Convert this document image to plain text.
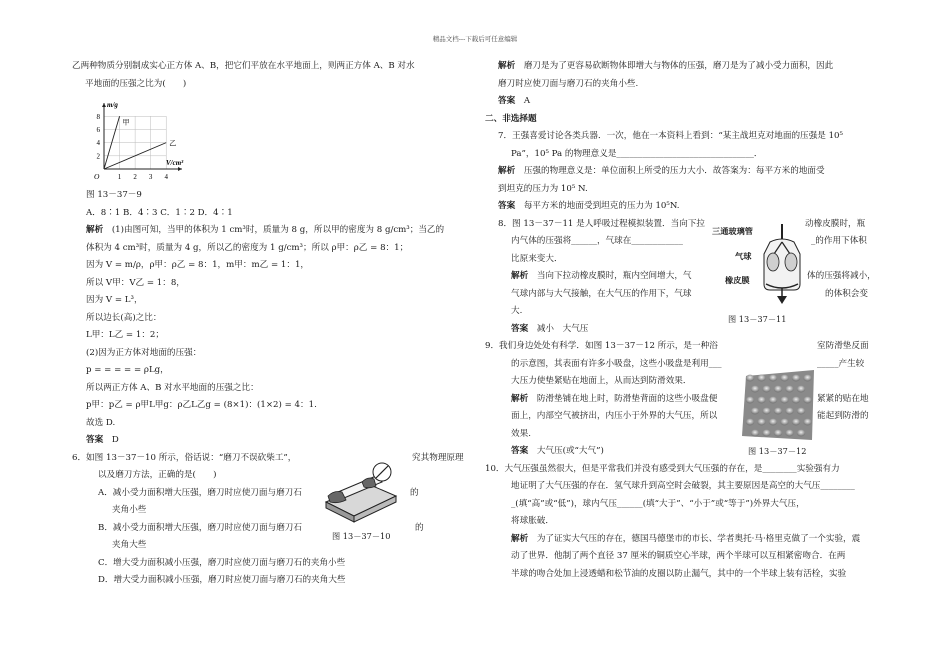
精品文档---下载后可任意编辑
乙两种物质分别制成实心正方体 A、B，把它们平放在水平地面上，则两正方体 A、B 对水
平地面的压强之比为(　　)
1 2 3 4
2
4
6
8
O
m/g
V/cm³
甲
乙
图 13－37－9
A．8∶1 B．4∶3 C．1∶2 D．4∶1
解析　 (1)由图可知，当甲的体积为 1 cm³时，质量为 8 g，所以甲的密度为 8 g/cm³；当乙的
体积为 4 cm³时，质量为 4 g，所以乙的密度为 1 g/cm³；所以 ρ甲：ρ乙 = 8：1；
因为 V = m/ρ，ρ甲：ρ乙 = 8：1，m甲：m乙 = 1：1，
所以 V甲：V乙 = 1：8，
因为 V = L³，
所以边长(高)之比：
L甲：L乙 = 1：2；
(2)因为正方体对地面的压强：
p = = = = = ρLg，
所以两正方体 A、B 对水平地面的压强之比：
p甲：p乙 = ρ甲L甲g：ρ乙L乙g = (8×1)：(1×2) = 4：1.
故选 D.
答案　 D
6．如图 13－37－10 所示，俗话说：“磨刀不误砍柴工”，	究其物理原理
以及磨刀方法，正确的是(　　)
A．减小受力面积增大压强，磨刀时应使刀面与磨刀石	的
夹角小些
B．减小受力面积增大压强，磨刀时应使刀面与磨刀石	的
夹角大些
C．增大受力面积减小压强，磨刀时应使刀面与磨刀石的夹角小些
D．增大受力面积减小压强，磨刀时应使刀面与磨刀石的夹角大些
图 13－37－10
解析　 磨刀是为了更容易砍断物体即增大与物体的压强，磨刀是为了减小受力面积，因此
磨刀时应使刀面与磨刀石的夹角小些.
答案　 A
二、非选择题
7．王强喜爱讨论各类兵器．一次，他在一本资料上看到：“某主战坦克对地面的压强是 10⁵
Pa”，10⁵ Pa 的物理意义是________________________________．
解析　 压强的物理意义是：单位面积上所受的压力大小．故答案为：每平方米的地面受
到坦克的压力为 10⁵ N.
答案　 每平方米的地面受到坦克的压力为 10⁵N.
8．图 13－37－11 是人呼吸过程模拟装置．当向下拉	动橡皮膜时，瓶
内气体的压强将______，气球在____________	_的作用下体积
比原来变大．
解析　 当向下拉动橡皮膜时，瓶内空间增大，气	体的压强将减小，
气球内部与大气接触，在大气压的作用下，气球	的体积会变
大.
答案　 减小　大气压
9．我们身边处处有科学．如图 13－37－12 所示，是一种浴	室防滑垫反面
的示意图，其表面有许多小吸盘，这些小吸盘是利用___	_____产生较
大压力使垫紧贴在地面上，从而达到防滑效果．
解析　 防滑垫铺在地上时，防滑垫背面的这些小吸盘便	紧紧的贴在地
面上，内部空气被挤出，内压小于外界的大气压，所以	能起到防滑的
效果.
答案　 大气压(或“大气”)
10．大气压强虽然很大，但是平常我们并没有感受到大气压强的存在，是________实验强有力
地证明了大气压强的存在．氢气球升到高空时会破裂，其主要原因是高空的大气压________
_(填“高”或“低”)，球内气压______(填“大于”、“小于”或“等于”)外界大气压，
将球胀破．
解析　 为了证实大气压的存在，德国马德堡市的市长、学者奥托·马·格里克做了一个实验，震
动了世界．他制了两个直径 37 厘米的铜质空心半球，两个半球可以互相紧密吻合．在两
半球的吻合处加上浸透蜡和松节油的皮圈以防止漏气，其中的一个半球上装有活栓，实验
三通玻璃管
气球
橡皮膜
图 13－37－11
图 13－37－12
